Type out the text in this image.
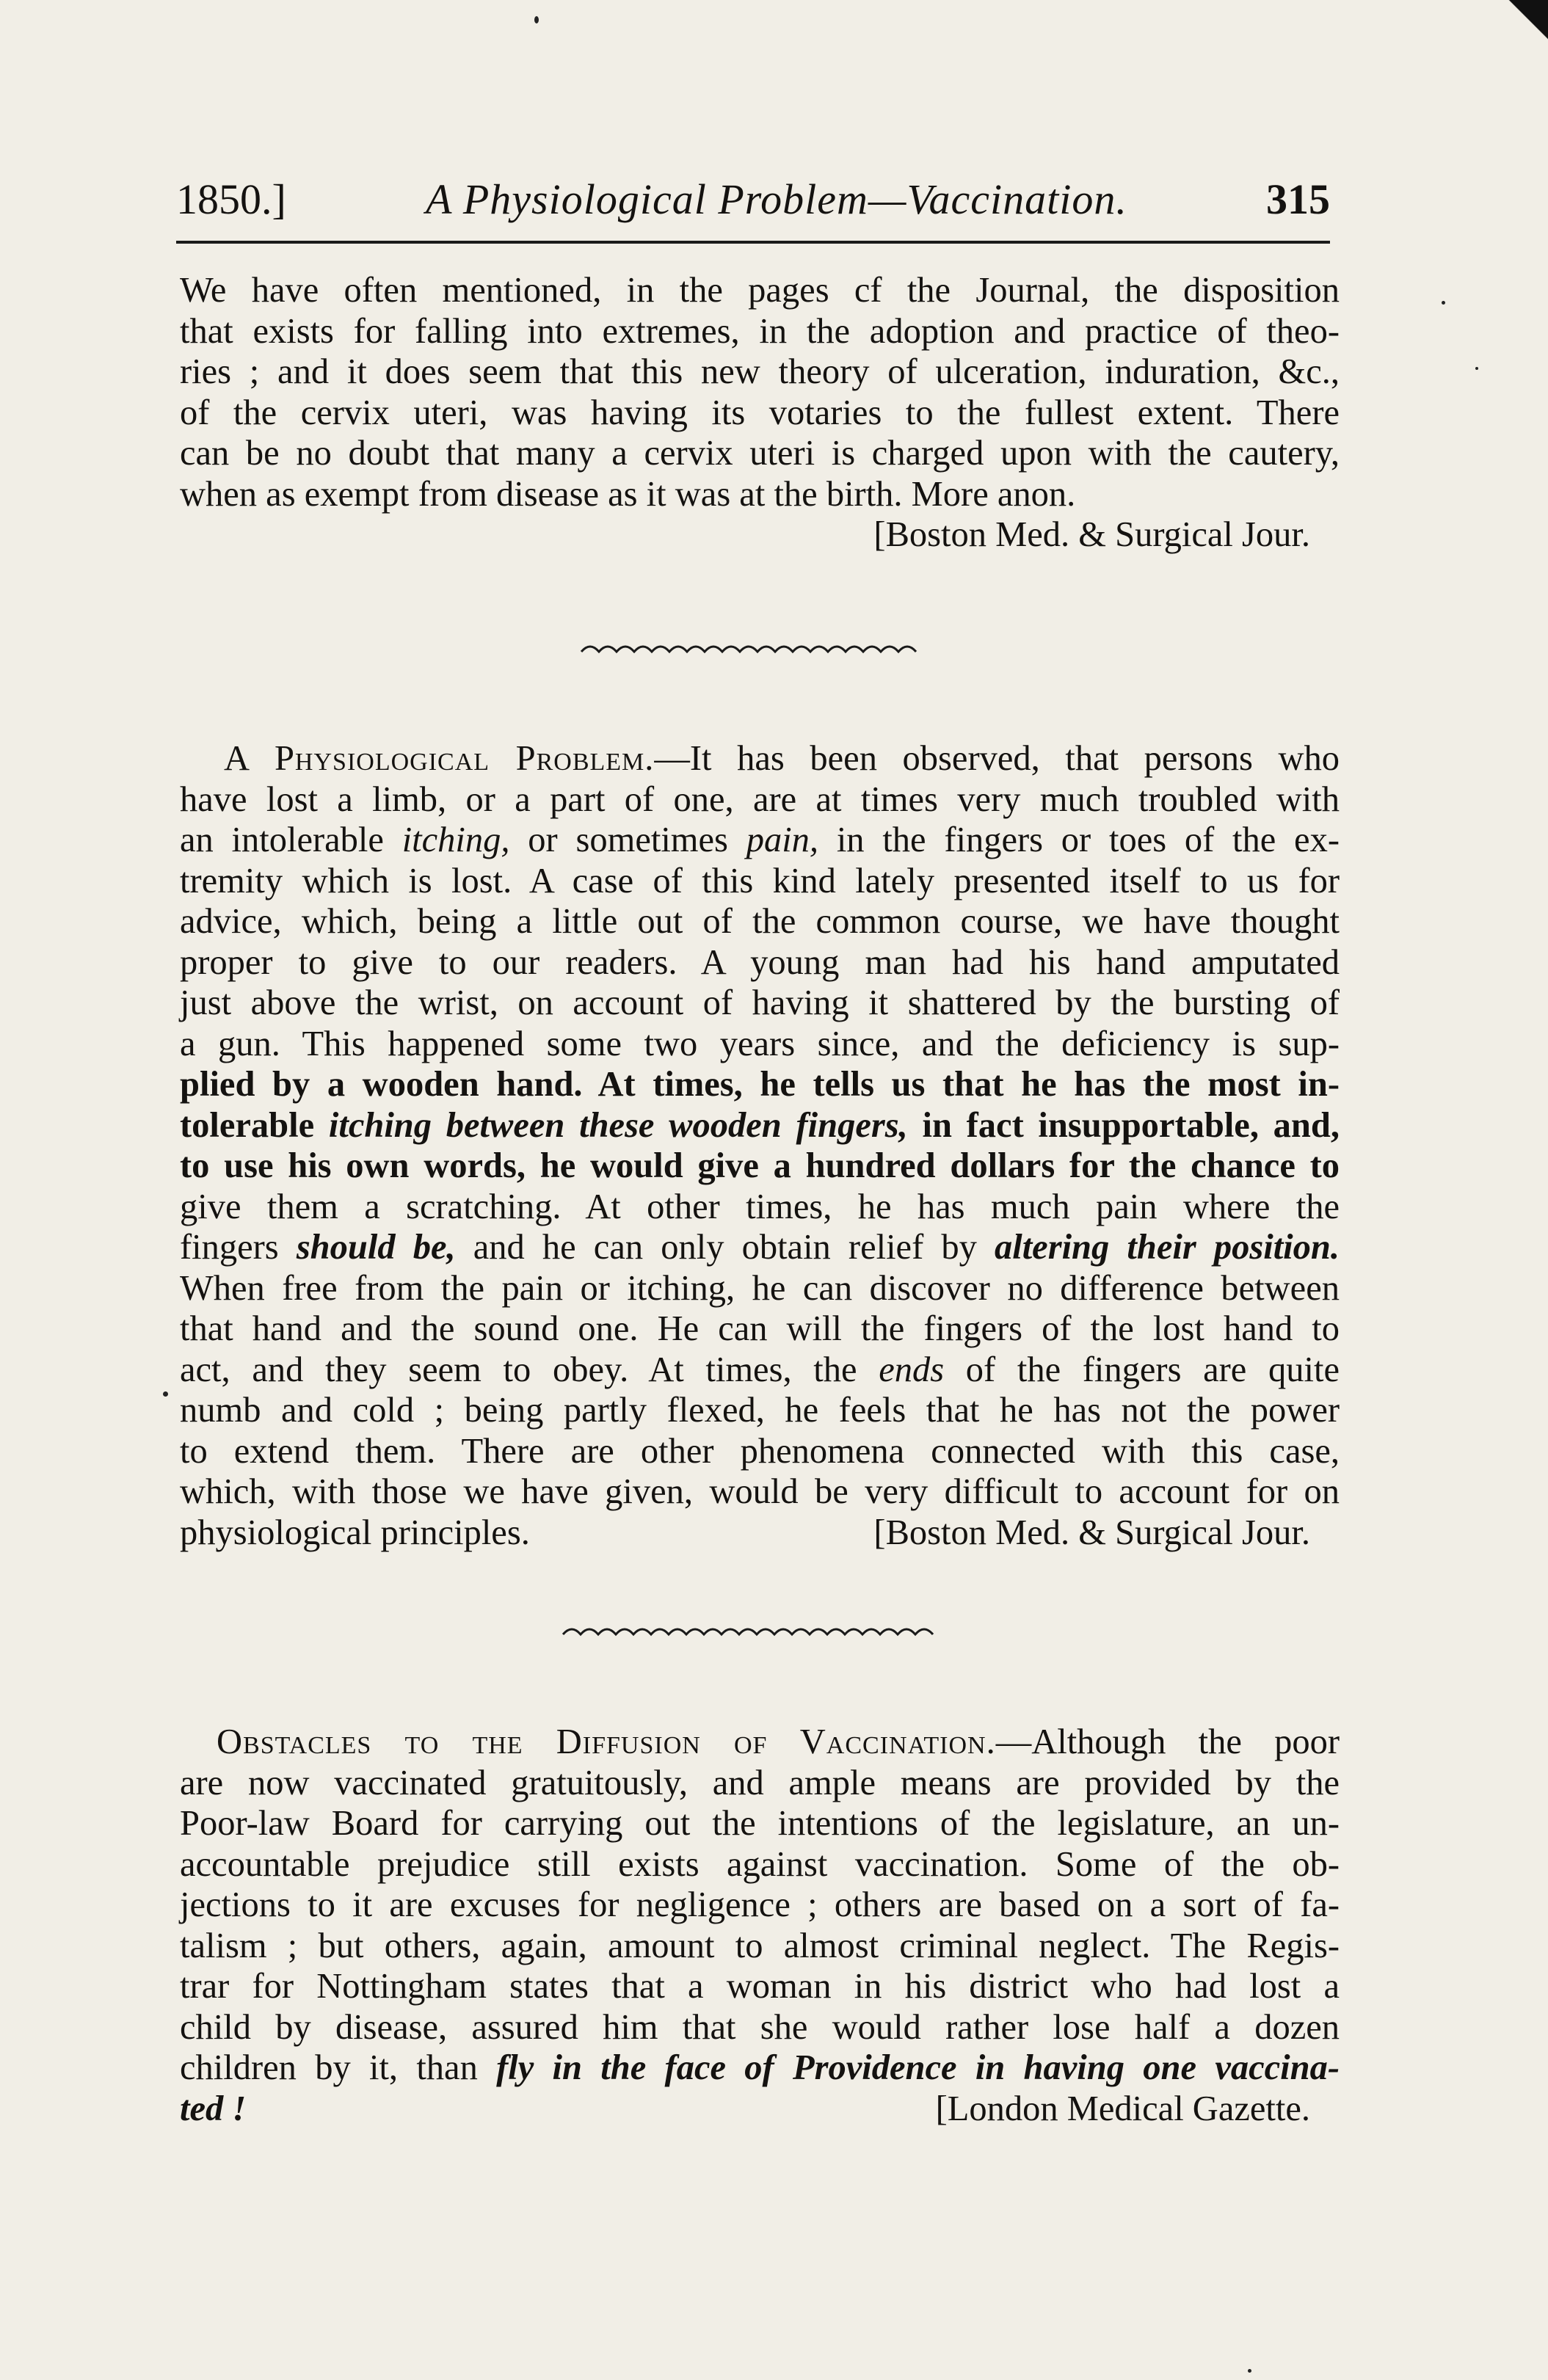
1850.]	A Physiological Problem—Vaccination.	315
We have often mentioned, in the pages cf the Journal, the disposition
that exists for falling into extremes, in the adoption and practice of theo-
ries ; and it does seem that this new theory of ulceration, induration, &c.,
of the cervix uteri, was having its votaries to the fullest extent. There
can be no doubt that many a cervix uteri is charged upon with the cautery,
when as exempt from disease as it was at the birth. More anon.
[Boston Med. & Surgical Jour.
A Physiological Problem.—It has been observed, that persons who
have lost a limb, or a part of one, are at times very much troubled with
an intolerable itching, or sometimes pain, in the fingers or toes of the ex-
tremity which is lost. A case of this kind lately presented itself to us for
advice, which, being a little out of the common course, we have thought
proper to give to our readers. A young man had his hand amputated
just above the wrist, on account of having it shattered by the bursting of
a gun. This happened some two years since, and the deficiency is sup-
plied by a wooden hand. At times, he tells us that he has the most in-
tolerable itching between these wooden fingers, in fact insupportable, and,
to use his own words, he would give a hundred dollars for the chance to
give them a scratching. At other times, he has much pain where the
fingers should be, and he can only obtain relief by altering their position.
When free from the pain or itching, he can discover no difference between
that hand and the sound one. He can will the fingers of the lost hand to
act, and they seem to obey. At times, the ends of the fingers are quite
numb and cold ; being partly flexed, he feels that he has not the power
to extend them. There are other phenomena connected with this case,
which, with those we have given, would be very difficult to account for on
physiological principles.	[Boston Med. & Surgical Jour.
Obstacles to the Diffusion of Vaccination.—Although the poor
are now vaccinated gratuitously, and ample means are provided by the
Poor-law Board for carrying out the intentions of the legislature, an un-
accountable prejudice still exists against vaccination. Some of the ob-
jections to it are excuses for negligence ; others are based on a sort of fa-
talism ; but others, again, amount to almost criminal neglect. The Regis-
trar for Nottingham states that a woman in his district who had lost a
child by disease, assured him that she would rather lose half a dozen
children by it, than fly in the face of Providence in having one vaccina-
ted !	[London Medical Gazette.
